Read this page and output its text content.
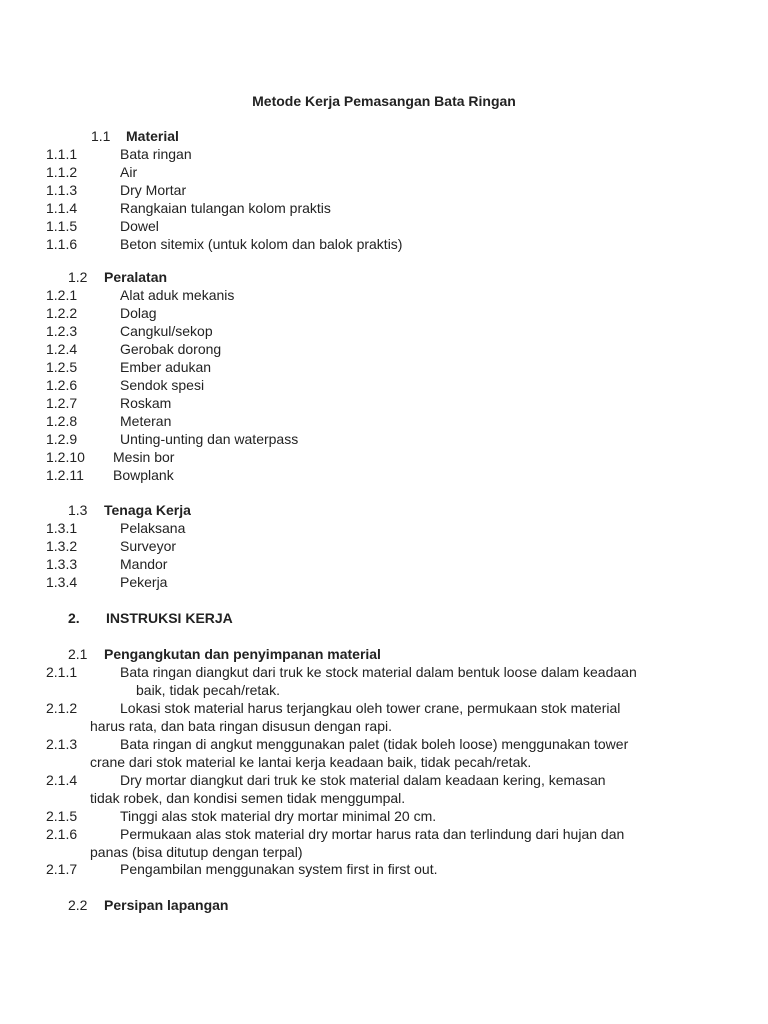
Metode Kerja Pemasangan Bata Ringan
1.1 Material
1.1.1	Bata ringan
1.1.2	Air
1.1.3	Dry Mortar
1.1.4	Rangkaian tulangan kolom praktis
1.1.5	Dowel
1.1.6	Beton sitemix (untuk kolom dan balok praktis)
1.2 Peralatan
1.2.1	Alat aduk mekanis
1.2.2	Dolag
1.2.3	Cangkul/sekop
1.2.4	Gerobak dorong
1.2.5	Ember adukan
1.2.6	Sendok spesi
1.2.7	Roskam
1.2.8	Meteran
1.2.9	Unting-unting dan waterpass
1.2.10 Mesin bor
1.2.11 Bowplank
1.3 Tenaga Kerja
1.3.1	Pelaksana
1.3.2	Surveyor
1.3.3	Mandor
1.3.4	Pekerja
2. INSTRUKSI KERJA
2.1 Pengangkutan dan penyimpanan material
2.1.1	Bata ringan diangkut dari truk ke stock material dalam bentuk loose dalam keadaan
baik, tidak pecah/retak.
2.1.2	Lokasi stok material harus terjangkau oleh tower crane, permukaan stok material
harus rata, dan bata ringan disusun dengan rapi.
2.1.3	Bata ringan di angkut menggunakan palet (tidak boleh loose) menggunakan tower
crane dari stok material ke lantai kerja keadaan baik, tidak pecah/retak.
2.1.4	Dry mortar diangkut dari truk ke stok material dalam keadaan kering, kemasan
tidak robek, dan kondisi semen tidak menggumpal.
2.1.5	Tinggi alas stok material dry mortar minimal 20 cm.
2.1.6	Permukaan alas stok material dry mortar harus rata dan terlindung dari hujan dan
panas (bisa ditutup dengan terpal)
2.1.7	Pengambilan menggunakan system first in first out.
2.2 Persipan lapangan
